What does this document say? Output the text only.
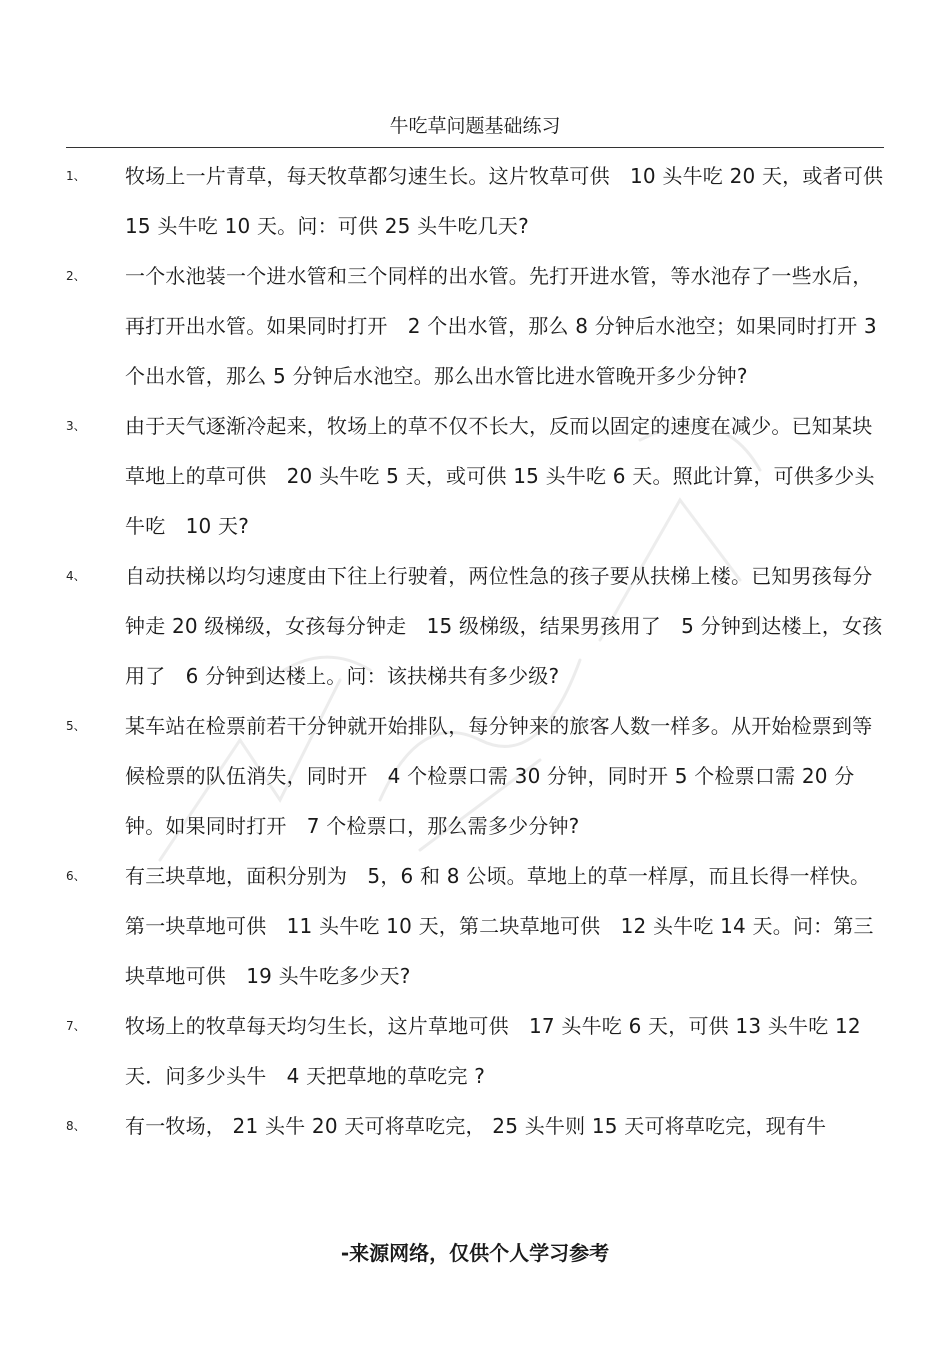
牛吃草问题基础练习
1、 牧场上一片青草，每天牧草都匀速生长。这片牧草可供　10 头牛吃 20 天，或者可供 15 头牛吃 10 天。问：可供 25 头牛吃几天?
2、 一个水池装一个进水管和三个同样的出水管。先打开进水管，等水池存了一些水后，再打开出水管。如果同时打开　2 个出水管，那么 8 分钟后水池空；如果同时打开 3 个出水管，那么 5 分钟后水池空。那么出水管比进水管晚开多少分钟?
3、 由于天气逐渐冷起来，牧场上的草不仅不长大，反而以固定的速度在减少。已知某块草地上的草可供　20 头牛吃 5 天，或可供 15 头牛吃 6 天。照此计算，可供多少头牛吃　10 天?
4、 自动扶梯以均匀速度由下往上行驶着，两位性急的孩子要从扶梯上楼。已知男孩每分钟走 20 级梯级，女孩每分钟走　15 级梯级，结果男孩用了　5 分钟到达楼上，女孩用了　6 分钟到达楼上。问：该扶梯共有多少级?
5、 某车站在检票前若干分钟就开始排队，每分钟来的旅客人数一样多。从开始检票到等候检票的队伍消失，同时开　4 个检票口需 30 分钟，同时开 5 个检票口需 20 分钟。如果同时打开　7 个检票口，那么需多少分钟?
6、 有三块草地，面积分别为　5，6 和 8 公顷。草地上的草一样厚，而且长得一样快。第一块草地可供　11 头牛吃 10 天，第二块草地可供　12 头牛吃 14 天。问：第三块草地可供　19 头牛吃多少天?
7、 牧场上的牧草每天均匀生长，这片草地可供　17 头牛吃 6 天，可供 13 头牛吃 12 天．问多少头牛　4 天把草地的草吃完 ?
8、 有一牧场， 21 头牛 20 天可将草吃完， 25 头牛则 15 天可将草吃完，现有牛
-来源网络，仅供个人学习参考
